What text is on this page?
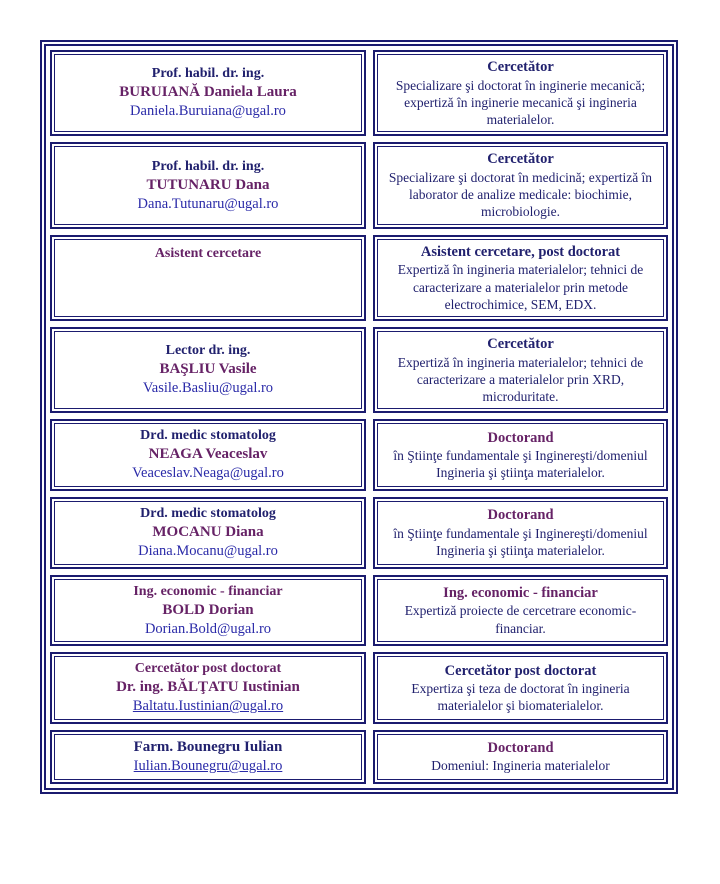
Prof. habil. dr. ing.
BURUIANĂ Daniela Laura
Daniela.Buruiana@ugal.ro
Cercetător
Specializare şi doctorat în inginerie mecanică; expertiză în inginerie mecanică şi ingineria materialelor.
Prof. habil. dr. ing.
TUTUNARU Dana
Dana.Tutunaru@ugal.ro
Cercetător
Specializare şi doctorat în medicină; expertiză în laborator de analize medicale: biochimie, microbiologie.
Asistent cercetare	Asistent cercetare, post doctorat
Expertiză în ingineria materialelor; tehnici de caracterizare a materialelor prin metode electrochimice, SEM, EDX.
Lector dr. ing.
BAŞLIU Vasile
Vasile.Basliu@ugal.ro
Cercetător
Expertiză în ingineria materialelor; tehnici de caracterizare a materialelor prin XRD, microduritate.
Drd. medic stomatolog
NEAGA Veaceslav
Veaceslav.Neaga@ugal.ro
Doctorand
în Ştiinţe fundamentale şi Inginereşti/domeniul Ingineria şi ştiinţa materialelor.
Drd. medic stomatolog
MOCANU Diana
Diana.Mocanu@ugal.ro
Doctorand
în Ştiinţe fundamentale şi Inginereşti/domeniul Ingineria şi ştiinţa materialelor.
Ing. economic - financiar
BOLD Dorian
Dorian.Bold@ugal.ro
Ing. economic - financiar
Expertiză proiecte de cercetrare economic-financiar.
Cercetător post doctorat
Dr. ing. BĂLŢATU Iustinian
Baltatu.Iustinian@ugal.ro
Cercetător post doctorat
Expertiza şi teza de doctorat în ingineria materialelor şi biomaterialelor.
Farm. Bounegru Iulian
Iulian.Bounegru@ugal.ro
Doctorand
Domeniul: Ingineria materialelor
